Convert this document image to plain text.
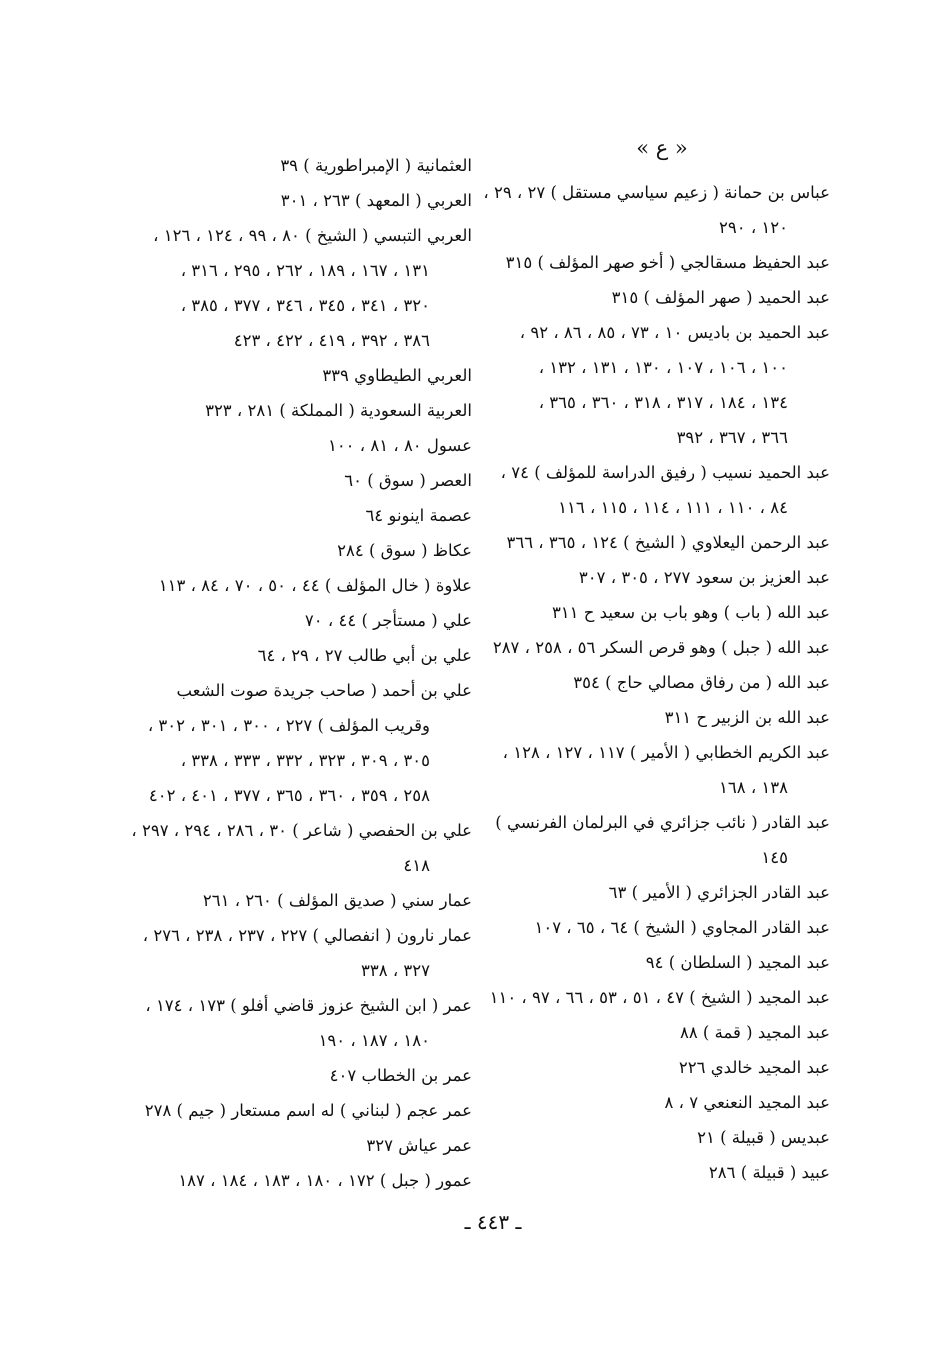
« ع »
عباس بن حمانة ( زعيم سياسي مستقل ) ٢٧ ، ٢٩ ،
١٢٠ ، ٢٩٠
عبد الحفيظ مسقالجي ( أخو صهر المؤلف ) ٣١٥
عبد الحميد ( صهر المؤلف ) ٣١٥
عبد الحميد بن باديس ١٠ ، ٧٣ ، ٨٥ ، ٨٦ ، ٩٢ ،
١٠٠ ، ١٠٦ ، ١٠٧ ، ١٣٠ ، ١٣١ ، ١٣٢ ،
١٣٤ ، ١٨٤ ، ٣١٧ ، ٣١٨ ، ٣٦٠ ، ٣٦٥ ،
٣٦٦ ، ٣٦٧ ، ٣٩٢
عبد الحميد نسيب ( رفيق الدراسة للمؤلف ) ٧٤ ،
٨٤ ، ١١٠ ، ١١١ ، ١١٤ ، ١١٥ ، ١١٦
عبد الرحمن اليعلاوي ( الشيخ ) ١٢٤ ، ٣٦٥ ، ٣٦٦
عبد العزيز بن سعود ٢٧٧ ، ٣٠٥ ، ٣٠٧
عبد الله ( باب ) وهو باب بن سعيد ح ٣١١
عبد الله ( جبل ) وهو قرص السكر ٥٦ ، ٢٥٨ ، ٢٨٧
عبد الله ( من رفاق مصالي حاج ) ٣٥٤
عبد الله بن الزبير ح ٣١١
عبد الكريم الخطابي ( الأمير ) ١١٧ ، ١٢٧ ، ١٢٨ ،
١٣٨ ، ١٦٨
عبد القادر ( نائب جزائري في البرلمان الفرنسي )
١٤٥
عبد القادر الجزائري ( الأمير ) ٦٣
عبد القادر المجاوي ( الشيخ ) ٦٤ ، ٦٥ ، ١٠٧
عبد المجيد ( السلطان ) ٩٤
عبد المجيد ( الشيخ ) ٤٧ ، ٥١ ، ٥٣ ، ٦٦ ، ٩٧ ، ١١٠
عبد المجيد ( قمة ) ٨٨
عبد المجيد خالدي ٢٢٦
عبد المجيد النعنعي ٧ ، ٨
عبديس ( قبيلة ) ٢١
عبيد ( قبيلة ) ٢٨٦
العثمانية ( الإمبراطورية ) ٣٩
العربي ( المعهد ) ٢٦٣ ، ٣٠١
العربي التبسي ( الشيخ ) ٨٠ ، ٩٩ ، ١٢٤ ، ١٢٦ ،
١٣١ ، ١٦٧ ، ١٨٩ ، ٢٦٢ ، ٢٩٥ ، ٣١٦ ،
٣٢٠ ، ٣٤١ ، ٣٤٥ ، ٣٤٦ ، ٣٧٧ ، ٣٨٥ ،
٣٨٦ ، ٣٩٢ ، ٤١٩ ، ٤٢٢ ، ٤٢٣
العربي الطيطاوي ٣٣٩
العربية السعودية ( المملكة ) ٢٨١ ، ٣٢٣
عسول ٨٠ ، ٨١ ، ١٠٠
العصر ( سوق ) ٦٠
عصمة اينونو ٦٤
عكاظ ( سوق ) ٢٨٤
علاوة ( خال المؤلف ) ٤٤ ، ٥٠ ، ٧٠ ، ٨٤ ، ١١٣
علي ( مستأجر ) ٤٤ ، ٧٠
علي بن أبي طالب ٢٧ ، ٢٩ ، ٦٤
علي بن أحمد ( صاحب جريدة صوت الشعب
وقريب المؤلف ) ٢٢٧ ، ٣٠٠ ، ٣٠١ ، ٣٠٢ ،
٣٠٥ ، ٣٠٩ ، ٣٢٣ ، ٣٣٢ ، ٣٣٣ ، ٣٣٨ ،
٢٥٨ ، ٣٥٩ ، ٣٦٠ ، ٣٦٥ ، ٣٧٧ ، ٤٠١ ، ٤٠٢
علي بن الحفصي ( شاعر ) ٣٠ ، ٢٨٦ ، ٢٩٤ ، ٢٩٧ ،
٤١٨
عمار سني ( صديق المؤلف ) ٢٦٠ ، ٢٦١
عمار نارون ( انفصالي ) ٢٢٧ ، ٢٣٧ ، ٢٣٨ ، ٢٧٦ ،
٣٢٧ ، ٣٣٨
عمر ( ابن الشيخ عزوز قاضي أفلو ) ١٧٣ ، ١٧٤ ،
١٨٠ ، ١٨٧ ، ١٩٠
عمر بن الخطاب ٤٠٧
عمر عجم ( لبناني ) له اسم مستعار ( جيم ) ٢٧٨
عمر عياش ٣٢٧
عمور ( جبل ) ١٧٢ ، ١٨٠ ، ١٨٣ ، ١٨٤ ، ١٨٧
ـ ٤٤٣ ـ
